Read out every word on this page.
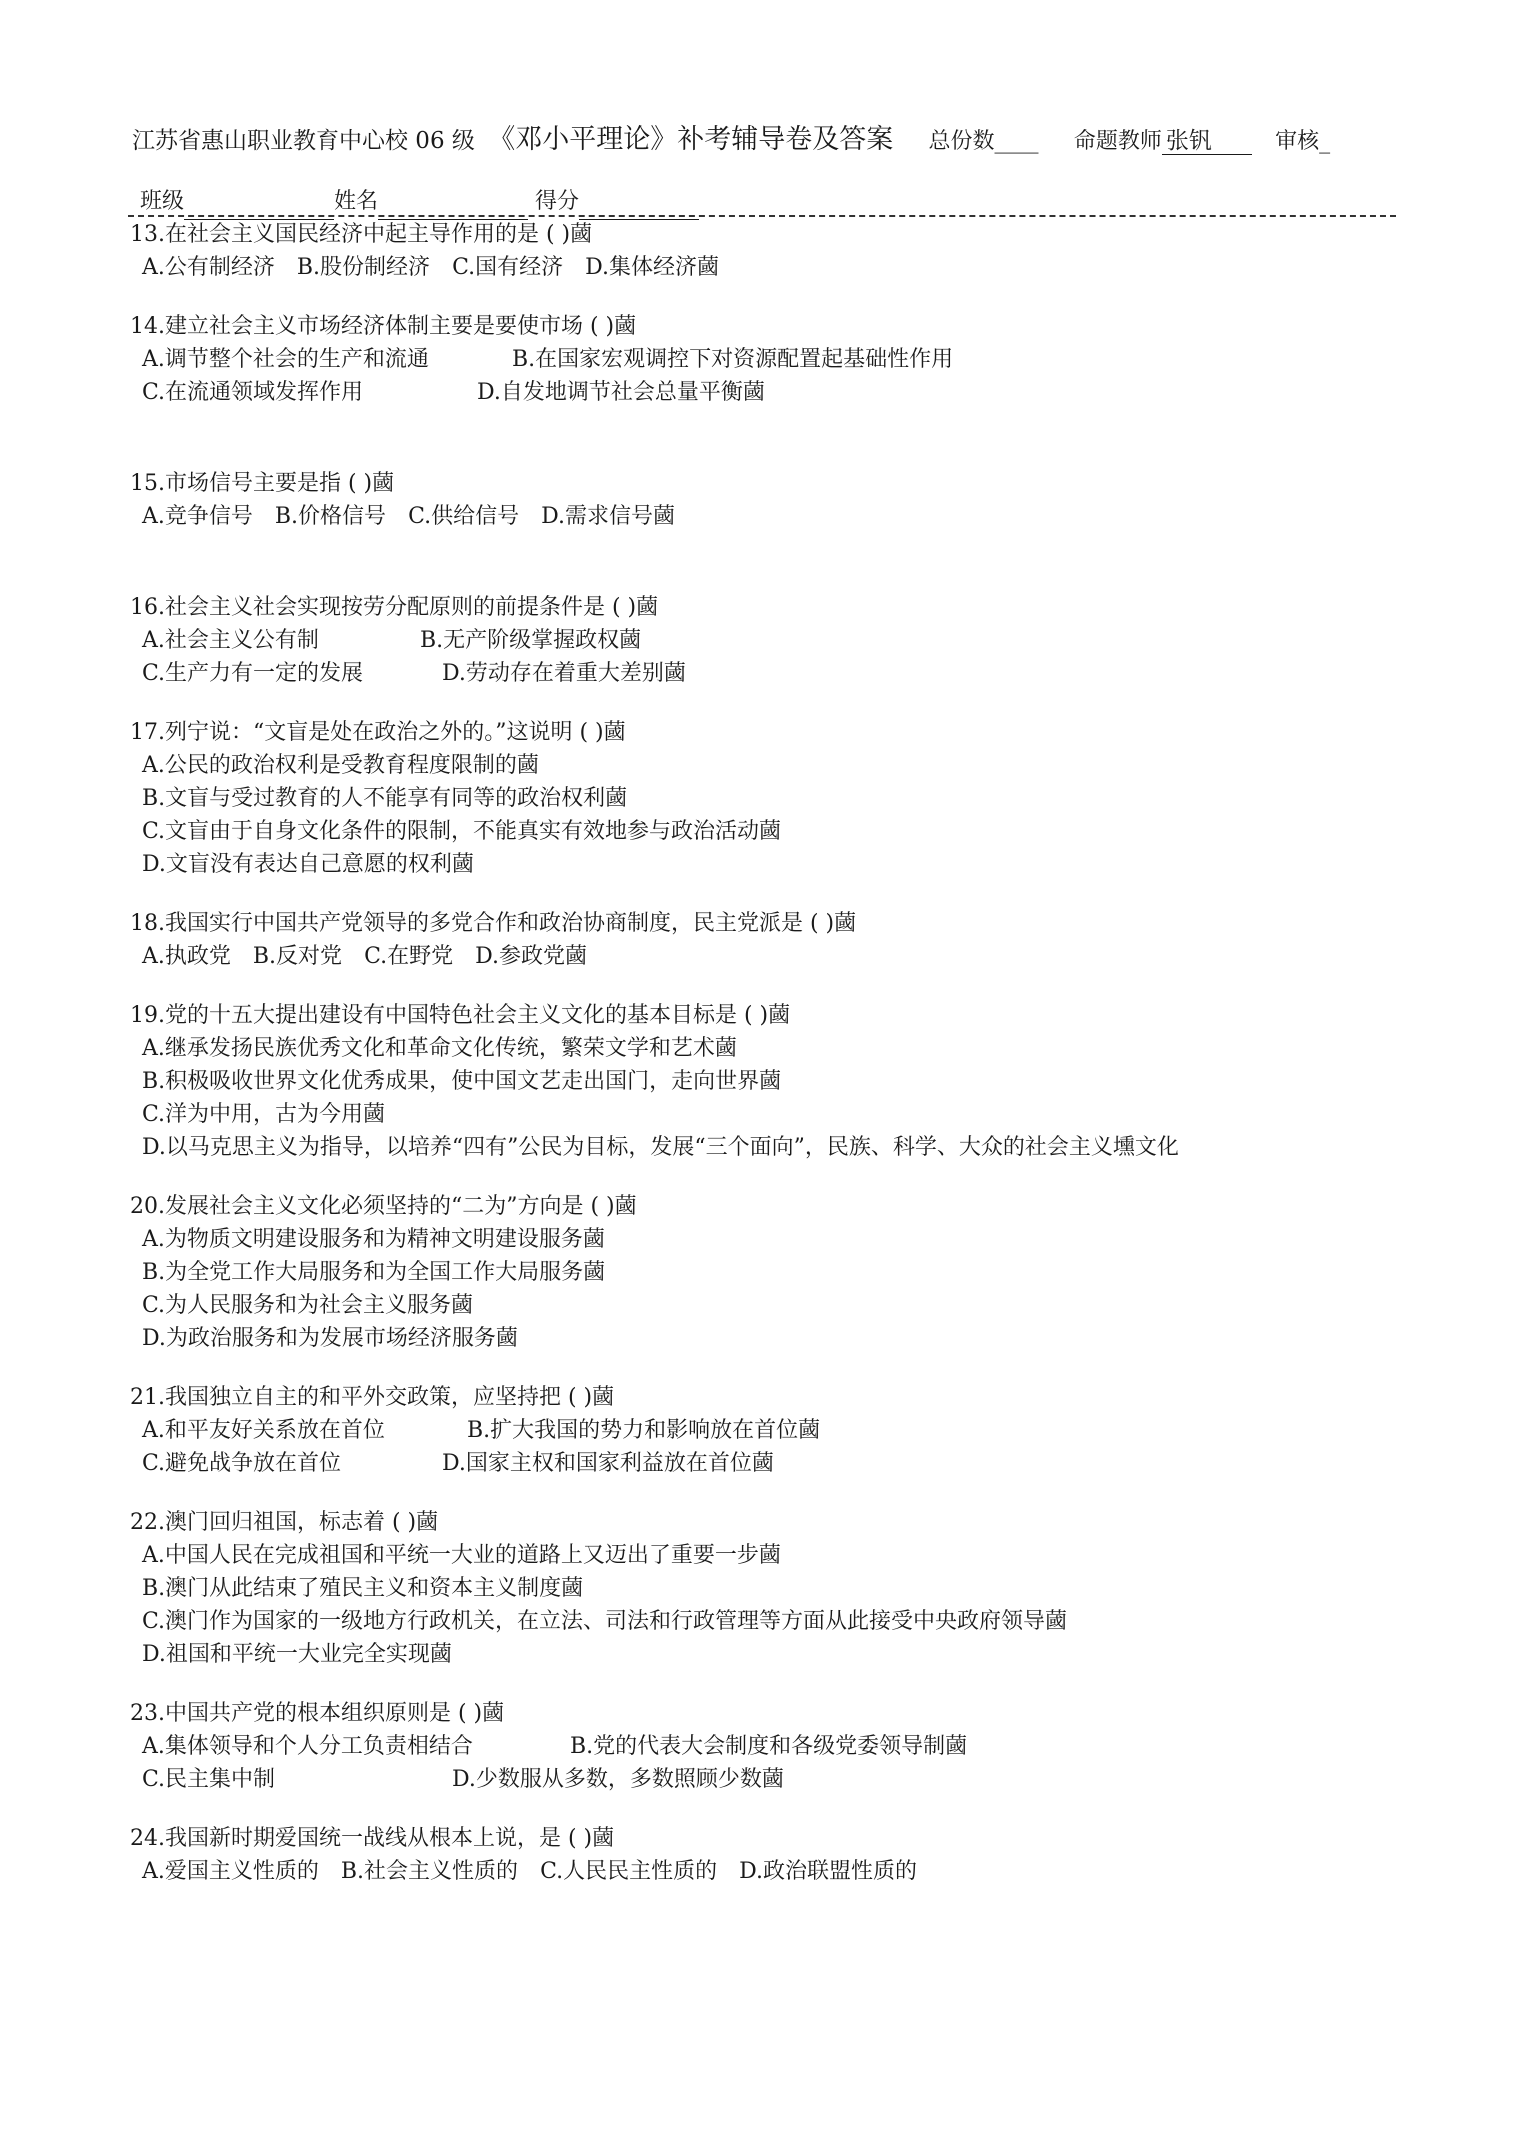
江苏省惠山职业教育中心校 06 级 《邓小平理论》补考辅导卷及答案 总份数____ 命题教师 张钒	审核_
班级	姓名	得分
13.在社会主义国民经济中起主导作用的是 ( )蔮
A.公有制经济 B.股份制经济 C.国有经济 D.集体经济蔮
14.建立社会主义市场经济体制主要是要使市场 ( )蔮
A.调节整个社会的生产和流通	B.在国家宏观调控下对资源配置起基础性作用
C.在流通领域发挥作用	D.自发地调节社会总量平衡蔮
15.市场信号主要是指 ( )蔮
A.竞争信号 B.价格信号 C.供给信号 D.需求信号蔮
16.社会主义社会实现按劳分配原则的前提条件是 ( )蔮
A.社会主义公有制	B.无产阶级掌握政权蔮
C.生产力有一定的发展	D.劳动存在着重大差别蔮
17.列宁说：“文盲是处在政治之外的。”这说明 ( )蔮
A.公民的政治权利是受教育程度限制的蔮
B.文盲与受过教育的人不能享有同等的政治权利蔮
C.文盲由于自身文化条件的限制，不能真实有效地参与政治活动蔮
D.文盲没有表达自己意愿的权利蔮
18.我国实行中国共产党领导的多党合作和政治协商制度，民主党派是 ( )蔮
A.执政党 B.反对党 C.在野党 D.参政党蔮
19.党的十五大提出建设有中国特色社会主义文化的基本目标是 ( )蔮
A.继承发扬民族优秀文化和革命文化传统，繁荣文学和艺术蔮
B.积极吸收世界文化优秀成果，使中国文艺走出国门，走向世界蔮
C.洋为中用，古为今用蔮
D.以马克思主义为指导，以培养“四有”公民为目标，发展“三个面向”，民族、科学、大众的社会主义壎文化
20.发展社会主义文化必须坚持的“二为”方向是 ( )蔮
A.为物质文明建设服务和为精神文明建设服务蔮
B.为全党工作大局服务和为全国工作大局服务蔮
C.为人民服务和为社会主义服务蔮
D.为政治服务和为发展市场经济服务蔮
21.我国独立自主的和平外交政策，应坚持把 ( )蔮
A.和平友好关系放在首位	B.扩大我国的势力和影响放在首位蔮
C.避免战争放在首位	D.国家主权和国家利益放在首位蔮
22.澳门回归祖国，标志着 ( )蔮
A.中国人民在完成祖国和平统一大业的道路上又迈出了重要一步蔮
B.澳门从此结束了殖民主义和资本主义制度蔮
C.澳门作为国家的一级地方行政机关，在立法、司法和行政管理等方面从此接受中央政府领导蔮
D.祖国和平统一大业完全实现蔮
23.中国共产党的根本组织原则是 ( )蔮
A.集体领导和个人分工负责相结合	B.党的代表大会制度和各级党委领导制蔮
C.民主集中制	D.少数服从多数，多数照顾少数蔮
24.我国新时期爱国统一战线从根本上说，是 ( )蔮
A.爱国主义性质的 B.社会主义性质的 C.人民民主性质的 D.政治联盟性质的
